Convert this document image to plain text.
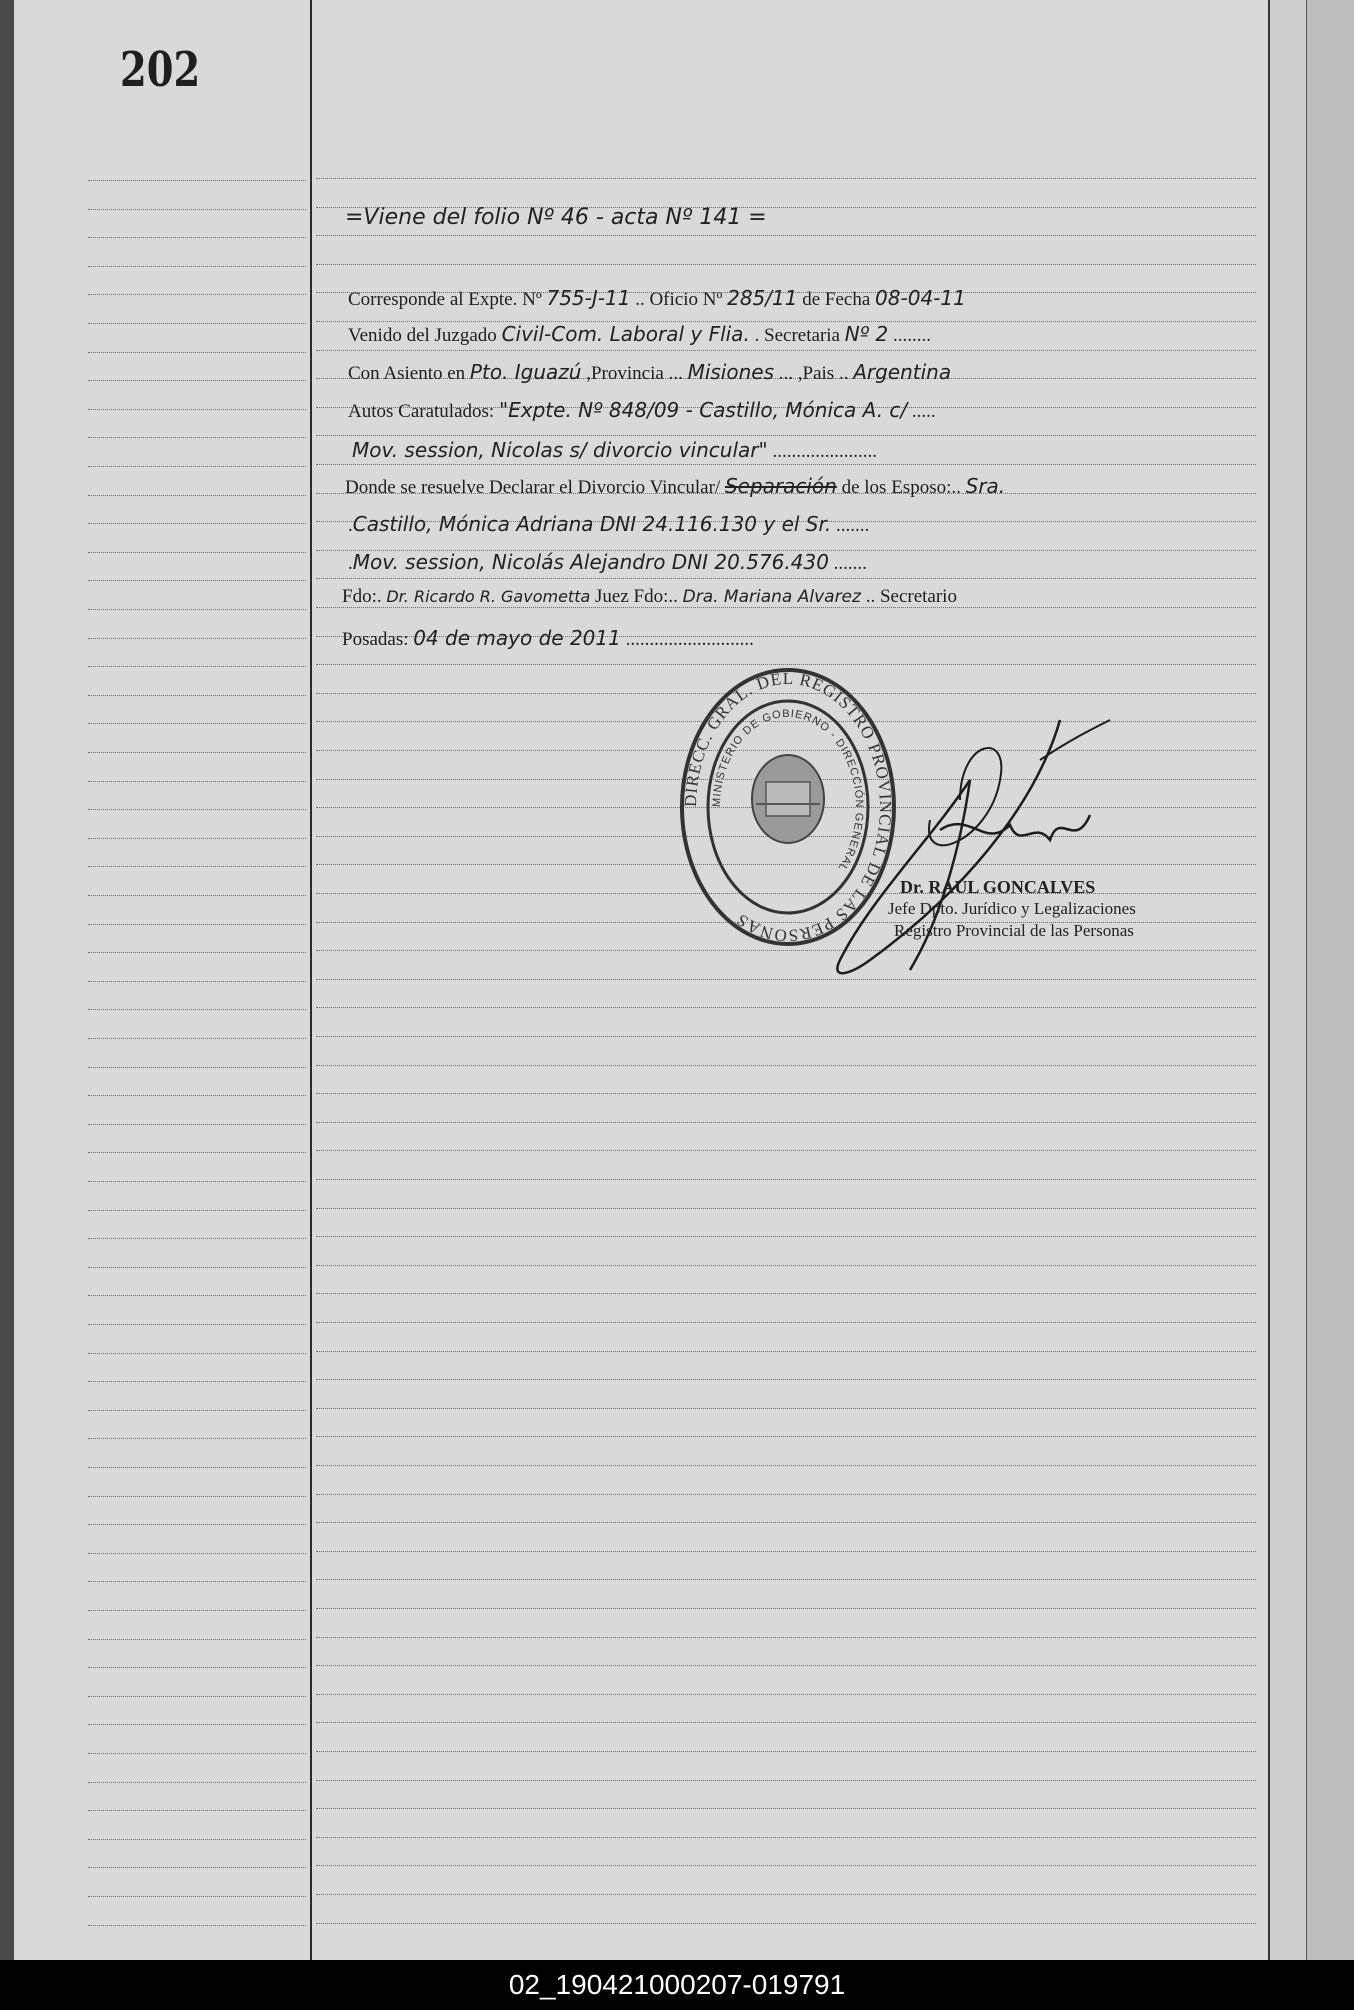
202
=Viene del folio Nº 46 - acta Nº 141 =
Corresponde al Expte. Nº 755-J-11 .. Oficio Nº 285/11 de Fecha 08-04-11
Venido del Juzgado Civil-Com. Laboral y Flia. . Secretaria Nº 2 ........
Con Asiento en Pto. Iguazú ,Provincia ... Misiones ... ,Pais .. Argentina
Autos Caratulados: "Expte. Nº 848/09 - Castillo, Mónica A. c/ .....
Mov. session, Nicolas s/ divorcio vincular" ......................
Donde se resuelve Declarar el Divorcio Vincular/ Separación de los Esposo:.. Sra.
.Castillo, Mónica Adriana DNI 24.116.130 y el Sr. .......
.Mov. session, Nicolás Alejandro DNI 20.576.430 .......
Fdo:. Dr. Ricardo R. Gavometta Juez Fdo:.. Dra. Mariana Alvarez .. Secretario
Posadas: 04 de mayo de 2011 ...........................
DIRECC. GRAL. DEL REGISTRO PROVINCIAL DE LAS PERSONAS
MINISTERIO DE GOBIERNO - DIRECCIÓN GENERAL
Dr. RAUL GONCALVES
Jefe Dpto. Jurídico y Legalizaciones
Registro Provincial de las Personas
02_190421000207-019791
